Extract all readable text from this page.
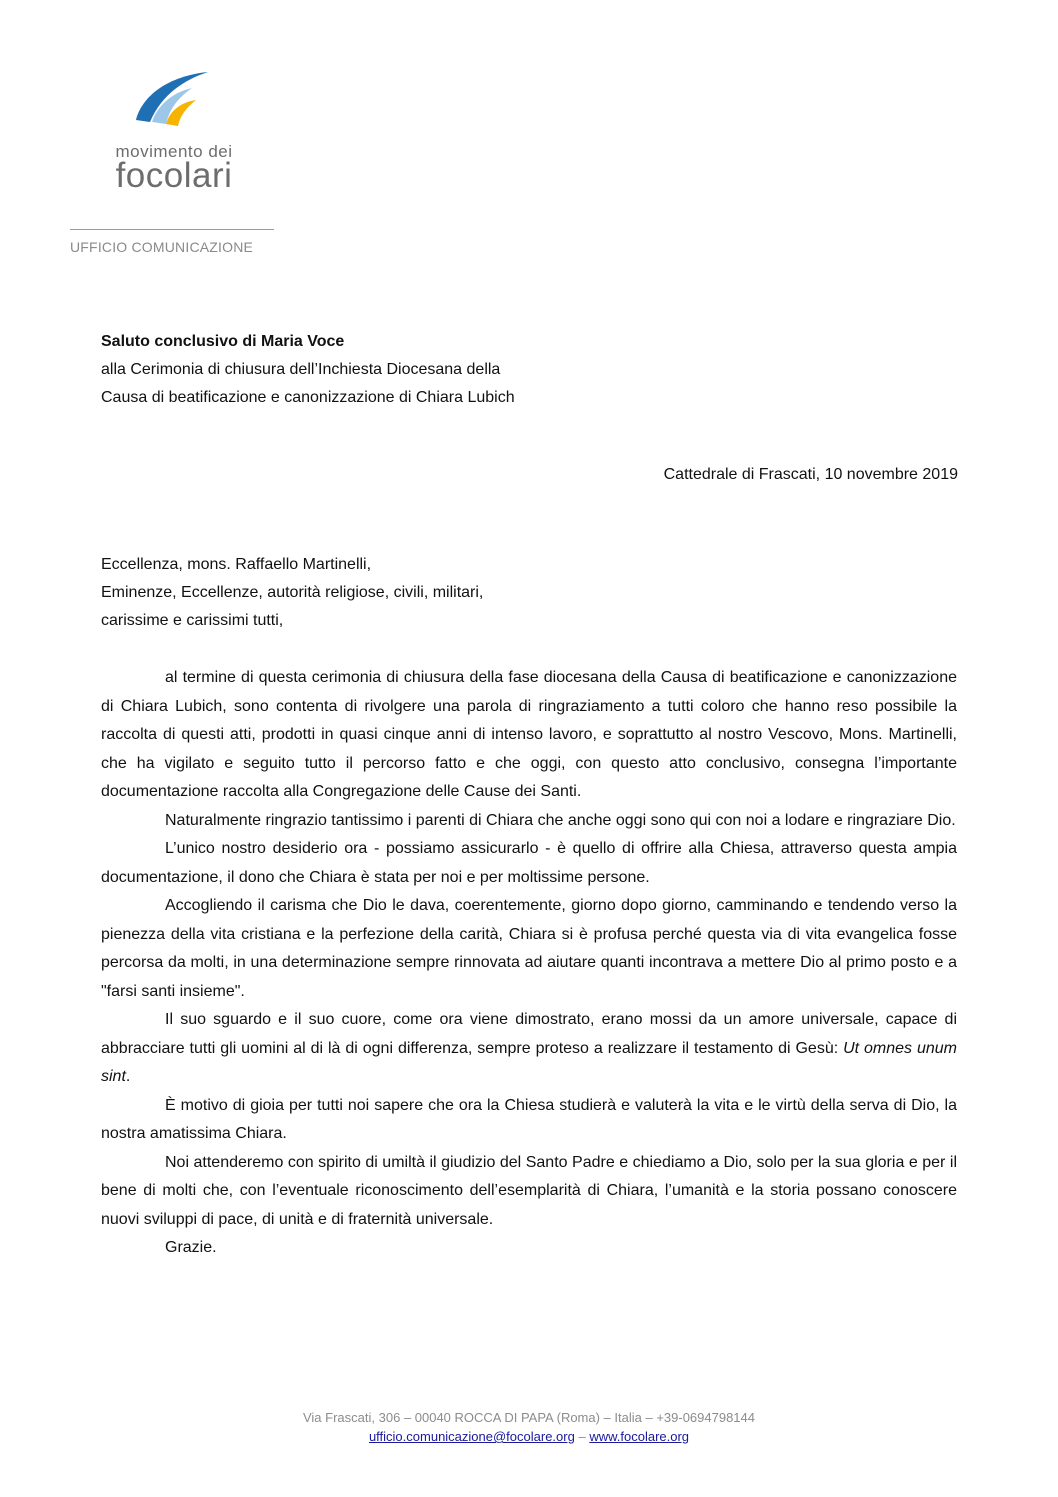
movimento dei
focolari
UFFICIO COMUNICAZIONE
Saluto conclusivo di Maria Voce
alla Cerimonia di chiusura dell’Inchiesta Diocesana della
Causa di beatificazione e canonizzazione di Chiara Lubich
Cattedrale di Frascati, 10 novembre 2019
Eccellenza, mons. Raffaello Martinelli,
Eminenze, Eccellenze, autorità religiose, civili, militari,
carissime e carissimi tutti,

al termine di questa cerimonia di chiusura della fase diocesana della Causa di beatificazione e canonizzazione di Chiara Lubich, sono contenta di rivolgere una parola di ringraziamento a tutti coloro che hanno reso possibile la raccolta di questi atti, prodotti in quasi cinque anni di intenso lavoro, e soprattutto al nostro Vescovo, Mons. Martinelli, che ha vigilato e seguito tutto il percorso fatto e che oggi, con questo atto conclusivo, consegna l’importante documentazione raccolta alla Congregazione delle Cause dei Santi.

Naturalmente ringrazio tantissimo i parenti di Chiara che anche oggi sono qui con noi a lodare e ringraziare Dio.

L’unico nostro desiderio ora - possiamo assicurarlo - è quello di offrire alla Chiesa, attraverso questa ampia documentazione, il dono che Chiara è stata per noi e per moltissime persone.

Accogliendo il carisma che Dio le dava, coerentemente, giorno dopo giorno, camminando e tendendo verso la pienezza della vita cristiana e la perfezione della carità, Chiara si è profusa perché questa via di vita evangelica fosse percorsa da molti, in una determinazione sempre rinnovata ad aiutare quanti incontrava a mettere Dio al primo posto e a "farsi santi insieme".

Il suo sguardo e il suo cuore, come ora viene dimostrato, erano mossi da un amore universale, capace di abbracciare tutti gli uomini al di là di ogni differenza, sempre proteso a realizzare il testamento di Gesù: Ut omnes unum sint.

È motivo di gioia per tutti noi sapere che ora la Chiesa studierà e valuterà la vita e le virtù della serva di Dio, la nostra amatissima Chiara.

Noi attenderemo con spirito di umiltà il giudizio del Santo Padre e chiediamo a Dio, solo per la sua gloria e per il bene di molti che, con l’eventuale riconoscimento dell’esemplarità di Chiara, l’umanità e la storia possano conoscere nuovi sviluppi di pace, di unità e di fraternità universale.

Grazie.

Via Frascati, 306 – 00040 ROCCA DI PAPA (Roma) – Italia – +39-0694798144
ufficio.comunicazione@focolare.org – www.focolare.org
